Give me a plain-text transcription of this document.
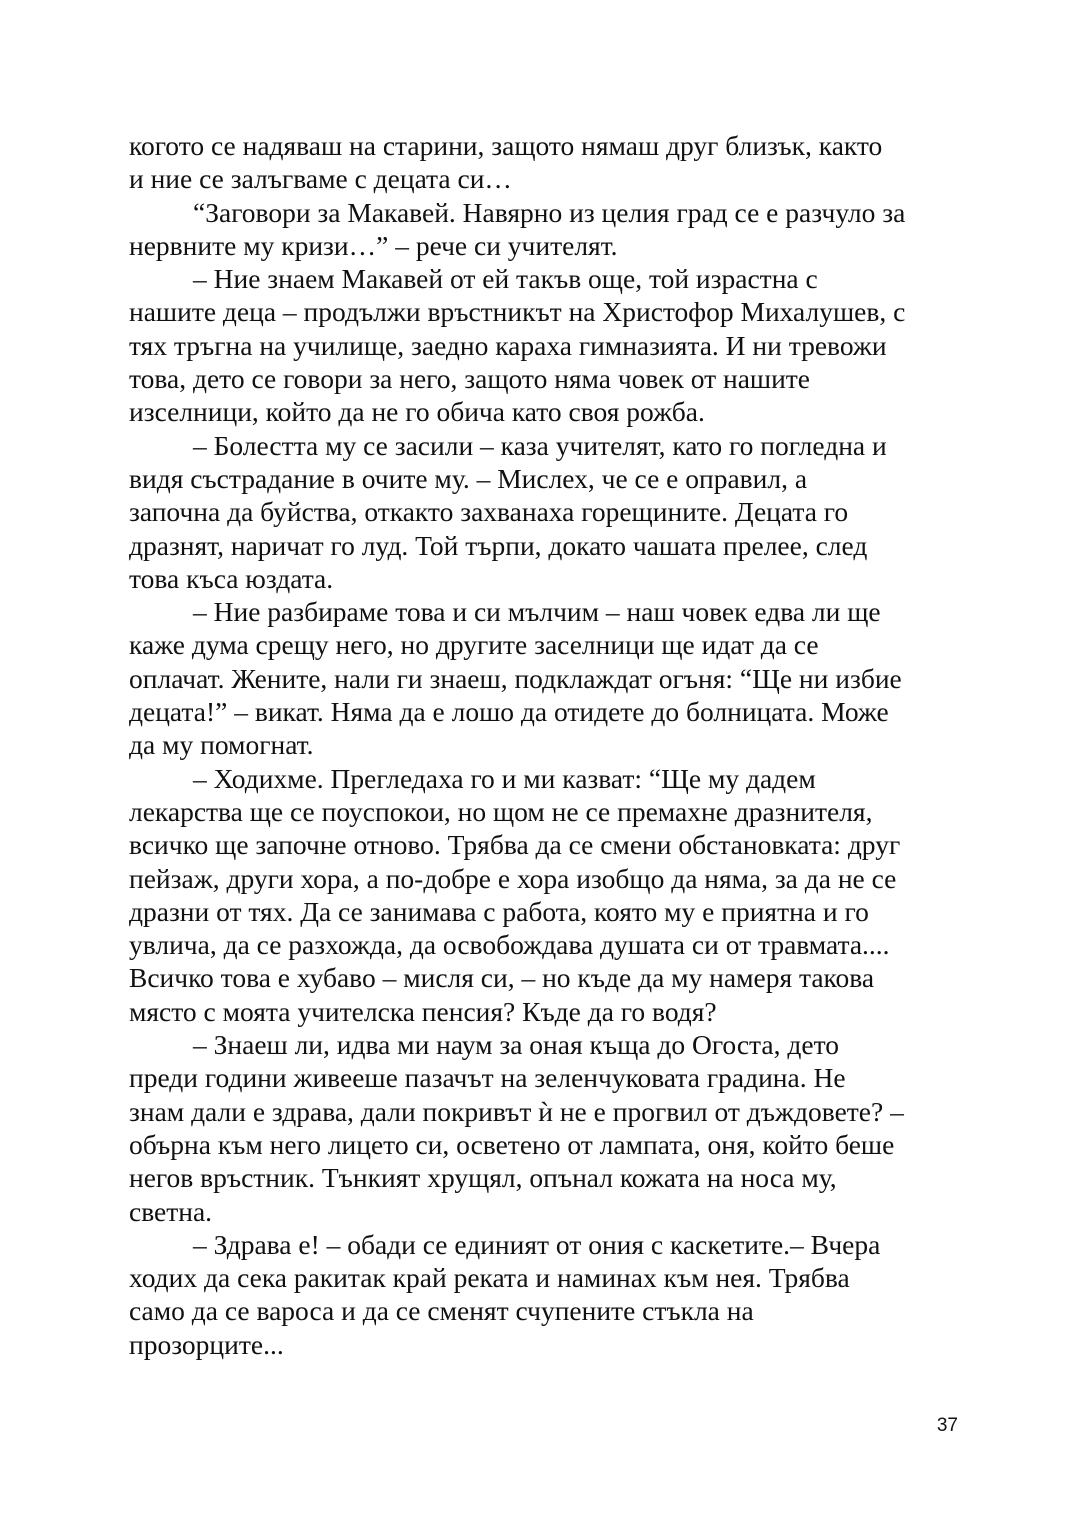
когото се надяваш на старини, защото нямаш друг близък, както
и ние се залъгваме с децата си…
“Заговори за Макавей. Навярно из целия град се е разчуло за
нервните му кризи…” – рече си учителят.
– Ние знаем Макавей от ей такъв още, той израстна с
нашите деца – продължи връстникът на Христофор Михалушев, с
тях тръгна на училище, заедно караха гимназията. И ни тревожи
това, дето се говори за него, защото няма човек от нашите
изселници, който да не го обича като своя рожба.
– Болестта му се засили – каза учителят, като го погледна и
видя състрадание в очите му. – Мислех, че се е оправил, а
започна да буйства, откакто захванаха горещините. Децата го
дразнят, наричат го луд. Той търпи, докато чашата прелее, след
това къса юздата.
– Ние разбираме това и си мълчим – наш човек едва ли ще
каже дума срещу него, но другите заселници ще идат да се
оплачат. Жените, нали ги знаеш, подклаждат огъня: “Ще ни избие
децата!” – викат. Няма да е лошо да отидете до болницата. Може
да му помогнат.
– Ходихме. Прегледаха го и ми казват: “Ще му дадем
лекарства ще се поуспокои, но щом не се премахне дразнителя,
всичко ще започне отново. Трябва да се смени обстановката: друг
пейзаж, други хора, а по-добре е хора изобщо да няма, за да не се
дразни от тях. Да се занимава с работа, която му е приятна и го
увлича, да се разхожда, да освобождава душата си от травмата....
Всичко това е хубаво – мисля си, – но къде да му намеря такова
място с моята учителска пенсия? Къде да го водя?
– Знаеш ли, идва ми наум за оная къща до Огоста, дето
преди години живееше пазачът на зеленчуковата градина. Не
знам дали е здрава, дали покривът ѝ не е прогвил от дъждовете? –
обърна към него лицето си, осветено от лампата, оня, който беше
негов връстник. Тънкият хрущял, опънал кожата на носа му,
светна.
– Здрава е! – обади се единият от ония с каскетите.– Вчера
ходих да сека ракитак край реката и наминах към нея. Трябва
само да се вароса и да се сменят счупените стъкла на
прозорците...
37
